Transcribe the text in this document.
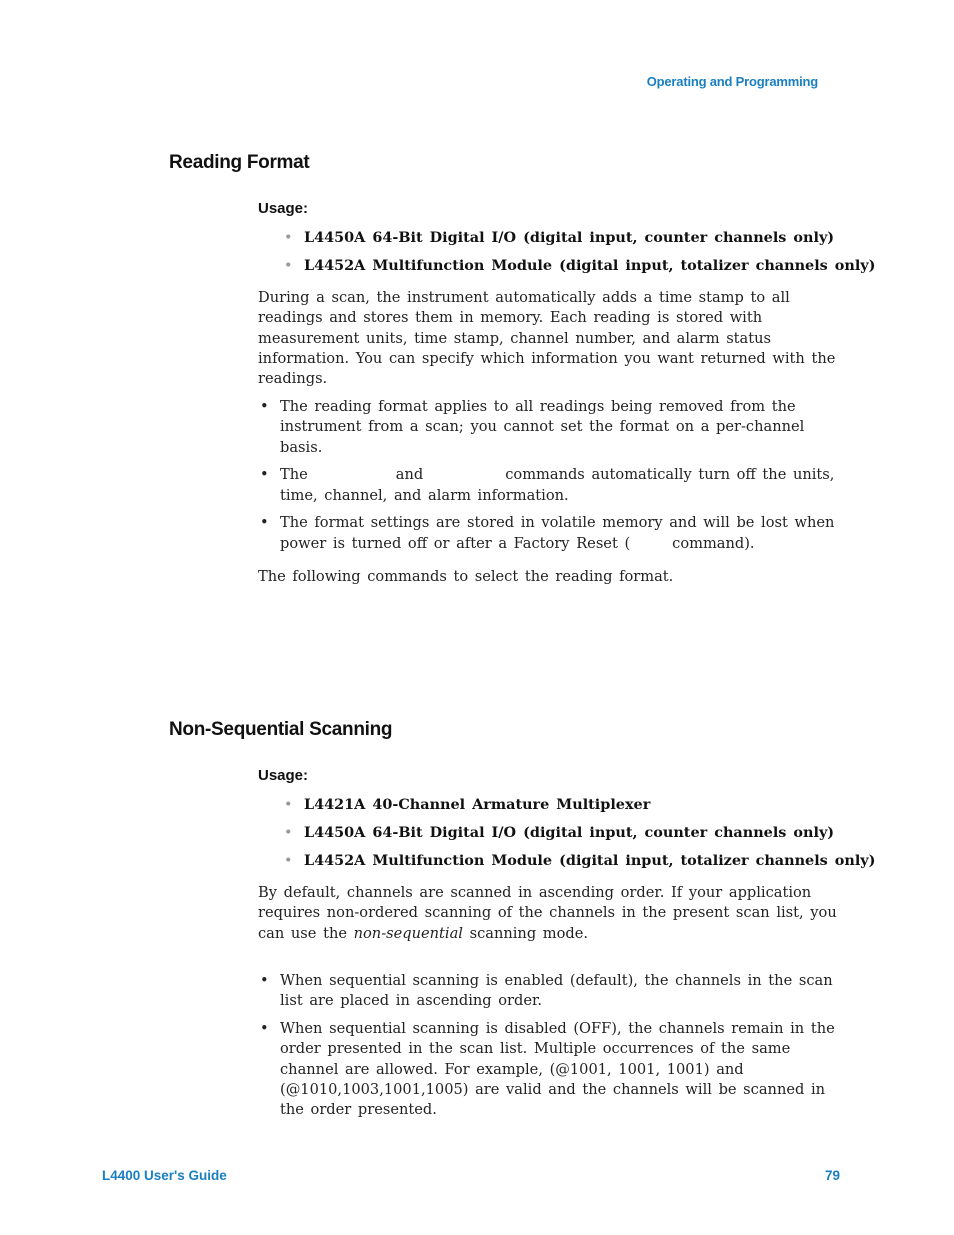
Operating and Programming
Reading Format
Usage:
• L4450A 64-Bit Digital I/O (digital input, counter channels only)
• L4452A Multifunction Module (digital input, totalizer channels only)

During a scan, the instrument automatically adds a time stamp to all readings and stores them in memory. Each reading is stored with measurement units, time stamp, channel number, and alarm status information. You can specify which information you want returned with the readings.

• The reading format applies to all readings being removed from the instrument from a scan; you cannot set the format on a per-channel basis.
• The	and	commands automatically turn off the units, time, channel, and alarm information.
• The format settings are stored in volatile memory and will be lost when power is turned off or after a Factory Reset (	command).

The following commands to select the reading format.

Non-Sequential Scanning
Usage:
• L4421A 40-Channel Armature Multiplexer
• L4450A 64-Bit Digital I/O (digital input, counter channels only)
• L4452A Multifunction Module (digital input, totalizer channels only)

By default, channels are scanned in ascending order. If your application requires non-ordered scanning of the channels in the present scan list, you can use the non-sequential scanning mode.

• When sequential scanning is enabled (default), the channels in the scan list are placed in ascending order.
• When sequential scanning is disabled (OFF), the channels remain in the order presented in the scan list. Multiple occurrences of the same channel are allowed. For example, (@1001, 1001, 1001) and (@1010,1003,1001,1005) are valid and the channels will be scanned in the order presented.
L4400 User's Guide	79
